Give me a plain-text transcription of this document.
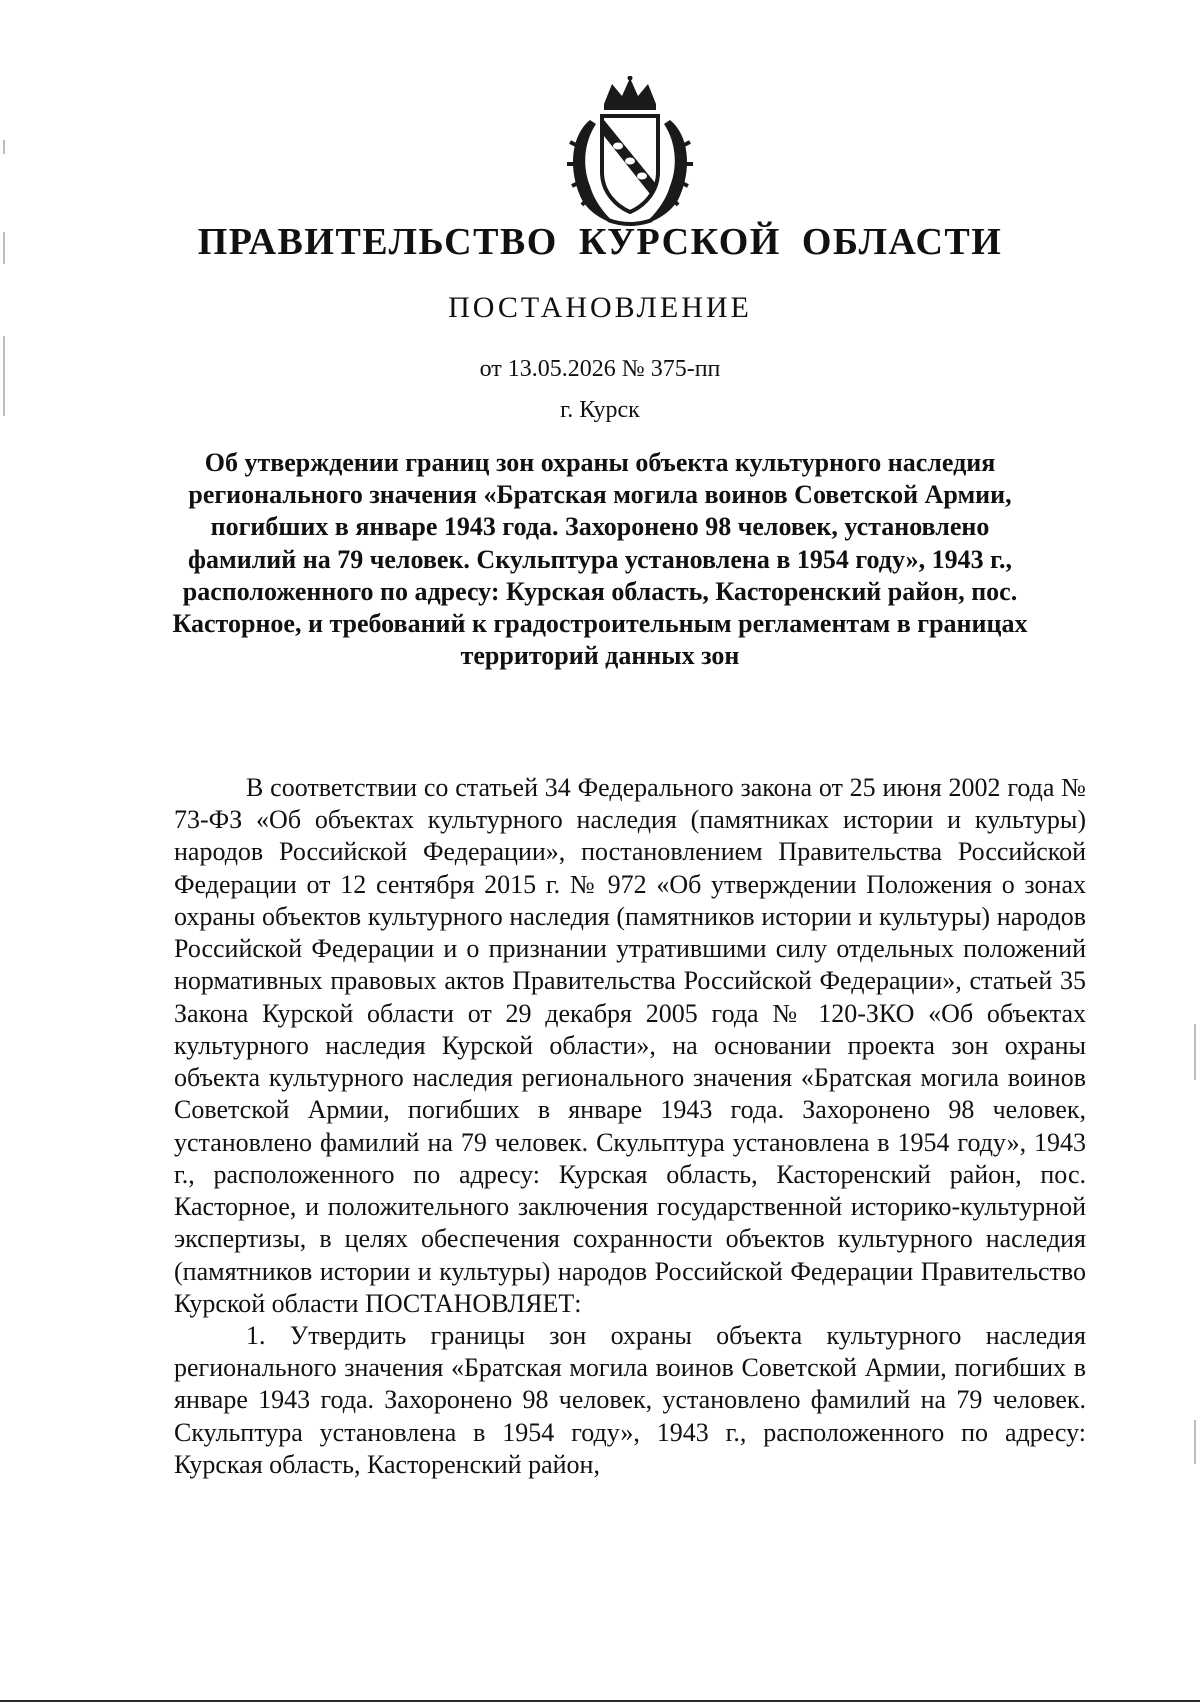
ПРАВИТЕЛЬСТВО КУРСКОЙ ОБЛАСТИ
ПОСТАНОВЛЕНИЕ
от 13.05.2026 № 375-пп
г. Курск
Об утверждении границ зон охраны объекта культурного наследия регионального значения «Братская могила воинов Советской Армии, погибших в январе 1943 года. Захоронено 98 человек, установлено фамилий на 79 человек. Скульптура установлена в 1954 году», 1943 г., расположенного по адресу: Курская область, Касторенский район, пос. Касторное, и требований к градостроительным регламентам в границах территорий данных зон

В соответствии со статьей 34 Федерального закона от 25 июня 2002 года № 73-ФЗ «Об объектах культурного наследия (памятниках истории и культуры) народов Российской Федерации», постановлением Правительства Российской Федерации от 12 сентября 2015 г. № 972 «Об утверждении Положения о зонах охраны объектов культурного наследия (памятников истории и культуры) народов Российской Федерации и о признании утратившими силу отдельных положений нормативных правовых актов Правительства Российской Федерации», статьей 35 Закона Курской области от 29 декабря 2005 года № 120-ЗКО «Об объектах культурного наследия Курской области», на основании проекта зон охраны объекта культурного наследия регионального значения «Братская могила воинов Советской Армии, погибших в январе 1943 года. Захоронено 98 человек, установлено фамилий на 79 человек. Скульптура установлена в 1954 году», 1943 г., расположенного по адресу: Курская область, Касторенский район, пос. Касторное, и положительного заключения государственной историко-культурной экспертизы, в целях обеспечения сохранности объектов культурного наследия (памятников истории и культуры) народов Российской Федерации Правительство Курской области ПОСТАНОВЛЯЕТ:

1. Утвердить границы зон охраны объекта культурного наследия регионального значения «Братская могила воинов Советской Армии, погибших в январе 1943 года. Захоронено 98 человек, установлено фамилий на 79 человек. Скульптура установлена в 1954 году», 1943 г., расположенного по адресу: Курская область, Касторенский район,
